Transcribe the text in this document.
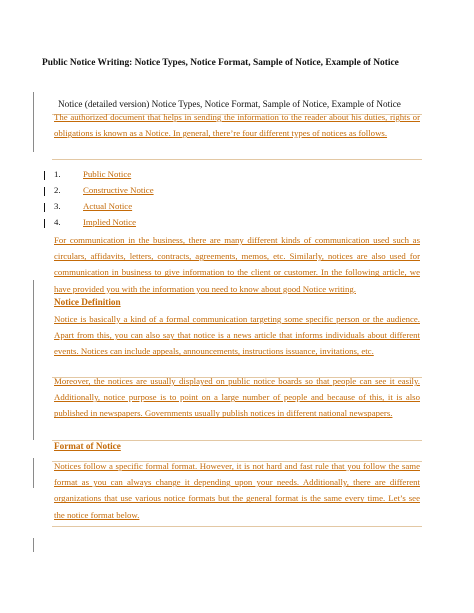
Public Notice Writing: Notice Types, Notice Format, Sample of Notice, Example of Notice
Notice (detailed version) Notice Types, Notice Format, Sample of Notice, Example of Notice

The authorized document that helps in sending the information to the reader about his duties, rights or obligations is known as a Notice. In general, there’re four different types of notices as follows.

1.	Public Notice
2.	Constructive Notice
3.	Actual Notice
4.	Implied Notice

For communication in the business, there are many different kinds of communication used such as circulars, affidavits, letters, contracts, agreements, memos, etc. Similarly, notices are also used for communication in business to give information to the client or customer. In the following article, we have provided you with the information you need to know about good Notice writing.

Notice Definition

Notice is basically a kind of a formal communication targeting some specific person or the audience. Apart from this, you can also say that notice is a news article that informs individuals about different events. Notices can include appeals, announcements, instructions issuance, invitations, etc.

Moreover, the notices are usually displayed on public notice boards so that people can see it easily. Additionally, notice purpose is to point on a large number of people and because of this, it is also published in newspapers. Governments usually publish notices in different national newspapers.

Format of Notice

Notices follow a specific formal format. However, it is not hard and fast rule that you follow the same format as you can always change it depending upon your needs. Additionally, there are different organizations that use various notice formats but the general format is the same every time. Let’s see the notice format below.
